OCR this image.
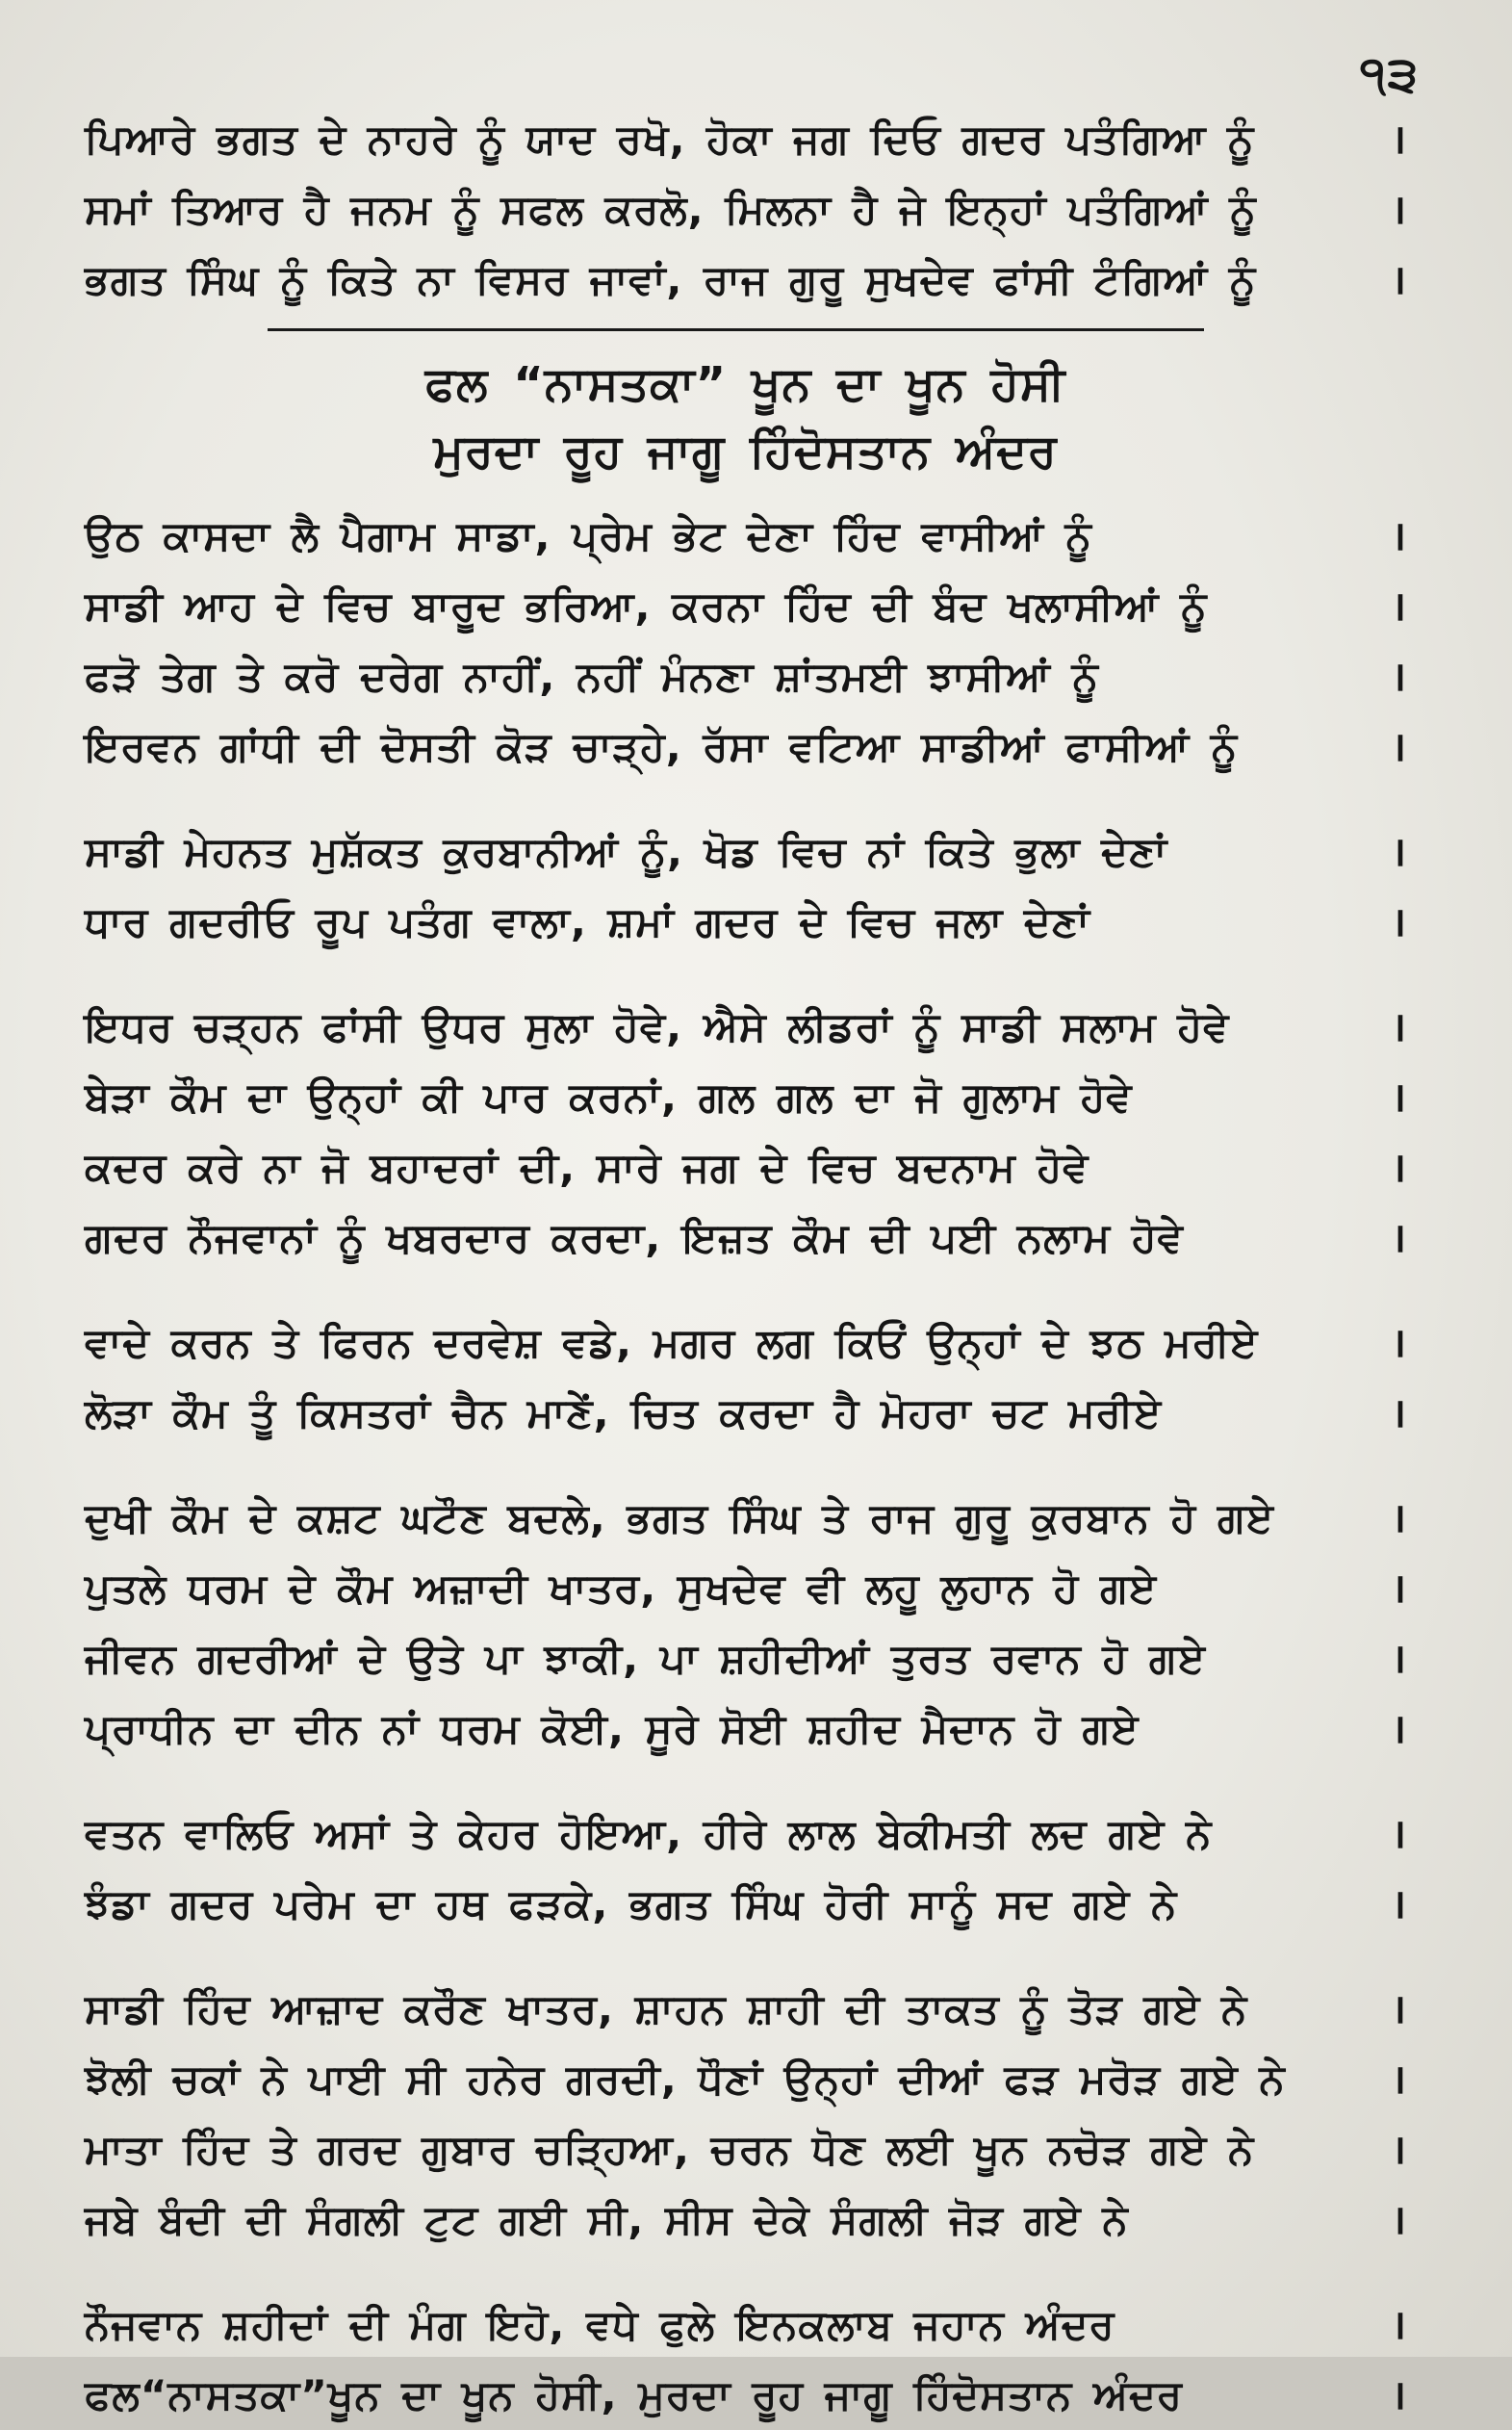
੧੩
ਪਿਆਰੇ ਭਗਤ ਦੇ ਨਾਹਰੇ ਨੂੰ ਯਾਦ ਰਖੋ, ਹੋਕਾ ਜਗ ਦਿਓ ਗਦਰ ਪਤੰਗਿਆ ਨੂੰ	।
ਸਮਾਂ ਤਿਆਰ ਹੈ ਜਨਮ ਨੂੰ ਸਫਲ ਕਰਲੋ, ਮਿਲਨਾ ਹੈ ਜੇ ਇਨ੍ਹਾਂ ਪਤੰਗਿਆਂ ਨੂੰ	।
ਭਗਤ ਸਿੰਘ ਨੂੰ ਕਿਤੇ ਨਾ ਵਿਸਰ ਜਾਵਾਂ, ਰਾਜ ਗੁਰੂ ਸੁਖਦੇਵ ਫਾਂਸੀ ਟੰਗਿਆਂ ਨੂੰ	।
ਫਲ “ਨਾਸਤਕਾ” ਖੂਨ ਦਾ ਖੂਨ ਹੋਸੀ
ਮੁਰਦਾ ਰੂਹ ਜਾਗੂ ਹਿੰਦੋਸਤਾਨ ਅੰਦਰ
ਉਠ ਕਾਸਦਾ ਲੈ ਪੈਗਾਮ ਸਾਡਾ, ਪ੍ਰੇਮ ਭੇਟ ਦੇਣਾ ਹਿੰਦ ਵਾਸੀਆਂ ਨੂੰ	।
ਸਾਡੀ ਆਹ ਦੇ ਵਿਚ ਬਾਰੂਦ ਭਰਿਆ, ਕਰਨਾ ਹਿੰਦ ਦੀ ਬੰਦ ਖਲਾਸੀਆਂ ਨੂੰ	।
ਫੜੋ ਤੇਗ ਤੇ ਕਰੋ ਦਰੇਗ ਨਾਹੀਂ, ਨਹੀਂ ਮੰਨਣਾ ਸ਼ਾਂਤਮਈ ਝਾਸੀਆਂ ਨੂੰ	।
ਇਰਵਨ ਗਾਂਧੀ ਦੀ ਦੋਸਤੀ ਕੋੜ ਚਾੜ੍ਹੇ, ਰੱਸਾ ਵਟਿਆ ਸਾਡੀਆਂ ਫਾਸੀਆਂ ਨੂੰ	।
ਸਾਡੀ ਮੇਹਨਤ ਮੁਸ਼ੱਕਤ ਕੁਰਬਾਨੀਆਂ ਨੂੰ, ਖੋਡ ਵਿਚ ਨਾਂ ਕਿਤੇ ਭੁਲਾ ਦੇਣਾਂ	।
ਧਾਰ ਗਦਰੀਓ ਰੂਪ ਪਤੰਗ ਵਾਲਾ, ਸ਼ਮਾਂ ਗਦਰ ਦੇ ਵਿਚ ਜਲਾ ਦੇਣਾਂ	।
ਇਧਰ ਚੜ੍ਹਨ ਫਾਂਸੀ ਉਧਰ ਸੁਲਾ ਹੋਵੇ, ਐਸੇ ਲੀਡਰਾਂ ਨੂੰ ਸਾਡੀ ਸਲਾਮ ਹੋਵੇ	।
ਬੇੜਾ ਕੌਮ ਦਾ ਉਨ੍ਹਾਂ ਕੀ ਪਾਰ ਕਰਨਾਂ, ਗਲ ਗਲ ਦਾ ਜੋ ਗੁਲਾਮ ਹੋਵੇ	।
ਕਦਰ ਕਰੇ ਨਾ ਜੋ ਬਹਾਦਰਾਂ ਦੀ, ਸਾਰੇ ਜਗ ਦੇ ਵਿਚ ਬਦਨਾਮ ਹੋਵੇ	।
ਗਦਰ ਨੌਜਵਾਨਾਂ ਨੂੰ ਖਬਰਦਾਰ ਕਰਦਾ, ਇਜ਼ਤ ਕੌਮ ਦੀ ਪਈ ਨਲਾਮ ਹੋਵੇ	।
ਵਾਦੇ ਕਰਨ ਤੇ ਫਿਰਨ ਦਰਵੇਸ਼ ਵਡੇ, ਮਗਰ ਲਗ ਕਿਓਂ ਉਨ੍ਹਾਂ ਦੇ ਝਠ ਮਰੀਏ	।
ਲੋੜਾ ਕੌਮ ਤੂੰ ਕਿਸਤਰਾਂ ਚੈਨ ਮਾਣੇਂ, ਚਿਤ ਕਰਦਾ ਹੈ ਮੋਹਰਾ ਚਟ ਮਰੀਏ	।
ਦੁਖੀ ਕੌਮ ਦੇ ਕਸ਼ਟ ਘਟੌਣ ਬਦਲੇ, ਭਗਤ ਸਿੰਘ ਤੇ ਰਾਜ ਗੁਰੂ ਕੁਰਬਾਨ ਹੋ ਗਏ	।
ਪੁਤਲੇ ਧਰਮ ਦੇ ਕੌਮ ਅਜ਼ਾਦੀ ਖਾਤਰ, ਸੁਖਦੇਵ ਵੀ ਲਹੂ ਲੁਹਾਨ ਹੋ ਗਏ	।
ਜੀਵਨ ਗਦਰੀਆਂ ਦੇ ਉਤੇ ਪਾ ਝਾਕੀ, ਪਾ ਸ਼ਹੀਦੀਆਂ ਤੁਰਤ ਰਵਾਨ ਹੋ ਗਏ	।
ਪ੍ਰਾਧੀਨ ਦਾ ਦੀਨ ਨਾਂ ਧਰਮ ਕੋਈ, ਸੂਰੇ ਸੋਈ ਸ਼ਹੀਦ ਮੈਦਾਨ ਹੋ ਗਏ	।
ਵਤਨ ਵਾਲਿਓ ਅਸਾਂ ਤੇ ਕੇਹਰ ਹੋਇਆ, ਹੀਰੇ ਲਾਲ ਬੇਕੀਮਤੀ ਲਦ ਗਏ ਨੇ	।
ਝੰਡਾ ਗਦਰ ਪਰੇਮ ਦਾ ਹਥ ਫੜਕੇ, ਭਗਤ ਸਿੰਘ ਹੋਰੀ ਸਾਨੂੰ ਸਦ ਗਏ ਨੇ	।
ਸਾਡੀ ਹਿੰਦ ਆਜ਼ਾਦ ਕਰੌਣ ਖਾਤਰ, ਸ਼ਾਹਨ ਸ਼ਾਹੀ ਦੀ ਤਾਕਤ ਨੂੰ ਤੋੜ ਗਏ ਨੇ	।
ਝੋਲੀ ਚਕਾਂ ਨੇ ਪਾਈ ਸੀ ਹਨੇਰ ਗਰਦੀ, ਧੌਣਾਂ ਉਨ੍ਹਾਂ ਦੀਆਂ ਫੜ ਮਰੋੜ ਗਏ ਨੇ	।
ਮਾਤਾ ਹਿੰਦ ਤੇ ਗਰਦ ਗੁਬਾਰ ਚੜ੍ਹਿਆ, ਚਰਨ ਧੋਣ ਲਈ ਖੂਨ ਨਚੋੜ ਗਏ ਨੇ	।
ਜਬੇ ਬੰਦੀ ਦੀ ਸੰਗਲੀ ਟੁਟ ਗਈ ਸੀ, ਸੀਸ ਦੇਕੇ ਸੰਗਲੀ ਜੋੜ ਗਏ ਨੇ	।
ਨੌਜਵਾਨ ਸ਼ਹੀਦਾਂ ਦੀ ਮੰਗ ਇਹੋ, ਵਧੇ ਫੁਲੇ ਇਨਕਲਾਬ ਜਹਾਨ ਅੰਦਰ	।
ਫਲ“ਨਾਸਤਕਾ”ਖੂਨ ਦਾ ਖੂਨ ਹੋਸੀ, ਮੁਰਦਾ ਰੂਹ ਜਾਗੂ ਹਿੰਦੋਸਤਾਨ ਅੰਦਰ	।
